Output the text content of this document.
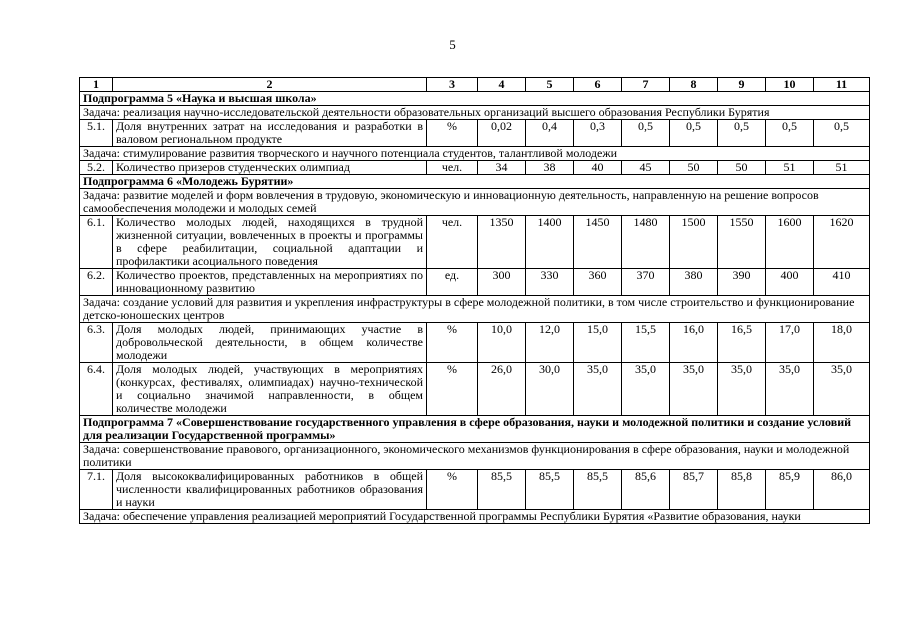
5
1	2	3	4	5	6	7	8	9	10	11
Подпрограмма 5 «Наука и высшая школа»										
Задача: реализация научно-исследовательской деятельности образовательных организаций высшего образования Республики Бурятия										
5.1.	Доля внутренних затрат на исследования и разработки в валовом региональном продукте	%	0,02	0,4	0,3	0,5	0,5	0,5	0,5	0,5
Задача: стимулирование развития творческого и научного потенциала студентов, талантливой молодежи										
5.2.	Количество призеров студенческих олимпиад	чел.	34	38	40	45	50	50	51	51
Подпрограмма 6 «Молодежь Бурятии»										
Задача: развитие моделей и форм вовлечения в трудовую, экономическую и инновационную деятельность, направленную на решение вопросов самообеспечения молодежи и молодых семей										
6.1.	Количество молодых людей, находящихся в трудной жизненной ситуации, вовлеченных в проекты и программы в сфере реабилитации, социальной адаптации и профилактики асоциального поведения	чел.	1350	1400	1450	1480	1500	1550	1600	1620
6.2.	Количество проектов, представленных на мероприятиях по инновационному развитию	ед.	300	330	360	370	380	390	400	410
Задача: создание условий для развития и укрепления инфраструктуры в сфере молодежной политики, в том числе строительство и функционирование детско-юношеских центров										
6.3.	Доля молодых людей, принимающих участие в добровольческой деятельности, в общем количестве молодежи	%	10,0	12,0	15,0	15,5	16,0	16,5	17,0	18,0
6.4.	Доля молодых людей, участвующих в мероприятиях (конкурсах, фестивалях, олимпиадах) научно-технической и социально значимой направленности, в общем количестве молодежи	%	26,0	30,0	35,0	35,0	35,0	35,0	35,0	35,0
Подпрограмма 7 «Совершенствование государственного управления в сфере образования, науки и молодежной политики и создание условий для реализации Государственной программы»										
Задача: совершенствование правового, организационного, экономического механизмов функционирования в сфере образования, науки и молодежной политики										
7.1.	Доля высококвалифицированных работников в общей численности квалифицированных работников образования и науки	%	85,5	85,5	85,5	85,6	85,7	85,8	85,9	86,0
Задача: обеспечение управления реализацией мероприятий Государственной программы Республики Бурятия «Развитие образования, науки										
